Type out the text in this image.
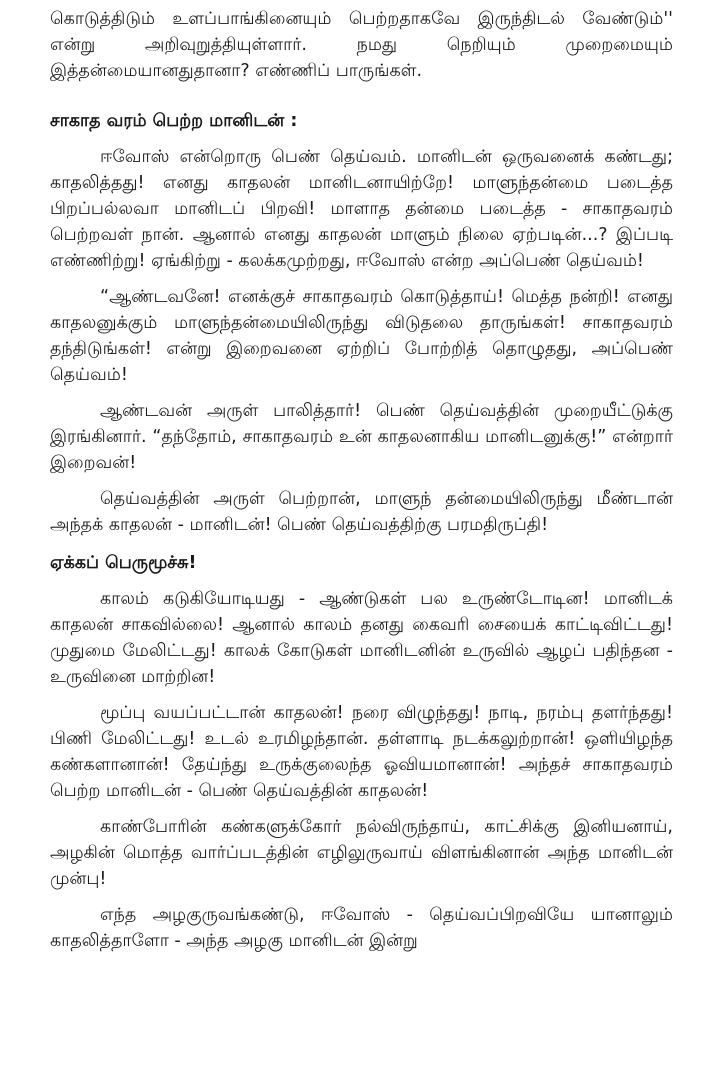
கொடுத்திடும் உளப்பாங்கினையும் பெற்றதாகவே இருந்திடல் வேண்டும்'' என்று அறிவுறுத்தியுள்ளார். நமது நெறியும் முறைமையும் இத்தன்மையானதுதானா? எண்ணிப் பாருங்கள்.

சாகாத வரம் பெற்ற மானிடன் :

ஈவோஸ் என்றொரு பெண் தெய்வம். மானிடன் ஒருவனைக் கண்டது; காதலித்தது! எனது காதலன் மானிடனாயிற்றே! மாளுந்தன்மை படைத்த பிறப்பல்லவா மானிடப் பிறவி! மாளாத தன்மை படைத்த - சாகாதவரம் பெற்றவள் நான். ஆனால் எனது காதலன் மாளும் நிலை ஏற்படின்...? இப்படி எண்ணிற்று! ஏங்கிற்று - கலக்கமுற்றது, ஈவோஸ் என்ற அப்பெண் தெய்வம்!

“ஆண்டவனே! எனக்குச் சாகாதவரம் கொடுத்தாய்! மெத்த நன்றி! எனது காதலனுக்கும் மாளுந்தன்மையிலிருந்து விடுதலை தாருங்கள்! சாகாதவரம் தந்திடுங்கள்! என்று இறைவனை ஏற்றிப் போற்றித் தொழுதது, அப்பெண் தெய்வம்!

ஆண்டவன் அருள் பாலித்தார்! பெண் தெய்வத்தின் முறையீட்டுக்கு இரங்கினார். “தந்தோம், சாகாதவரம் உன் காதலனாகிய மானிடனுக்கு!” என்றார் இறைவன்!

தெய்வத்தின் அருள் பெற்றான், மாளுந் தன்மையிலிருந்து மீண்டான் அந்தக் காதலன் - மானிடன்! பெண் தெய்வத்திற்கு பரமதிருப்தி!

ஏக்கப் பெருமூச்சு!

காலம் கடுகியோடியது - ஆண்டுகள் பல உருண்டோடின! மானிடக் காதலன் சாகவில்லை! ஆனால் காலம் தனது கைவரி சையைக் காட்டிவிட்டது! முதுமை மேலிட்டது! காலக் கோடுகள் மானிடனின் உருவில் ஆழப் பதிந்தன - உருவினை மாற்றின!

மூப்பு வயப்பட்டான் காதலன்! நரை விழுந்தது! நாடி, நரம்பு தளர்ந்தது! பிணி மேலிட்டது! உடல் உரமிழந்தான். தள்ளாடி நடக்கலுற்றான்! ஒளியிழந்த கண்களானான்! தேய்ந்து உருக்குலைந்த ஓவியமானான்! அந்தச் சாகாதவரம் பெற்ற மானிடன் - பெண் தெய்வத்தின் காதலன்!

காண்போரின் கண்களுக்கோர் நல்விருந்தாய், காட்சிக்கு இனியனாய், அழகின் மொத்த வார்ப்படத்தின் எழிலுருவாய் விளங்கினான் அந்த மானிடன் முன்பு!

எந்த அழகுருவங்கண்டு, ஈவோஸ் - தெய்வப்பிறவியே யானாலும் காதலித்தாளோ - அந்த அழகு மானிடன் இன்று
